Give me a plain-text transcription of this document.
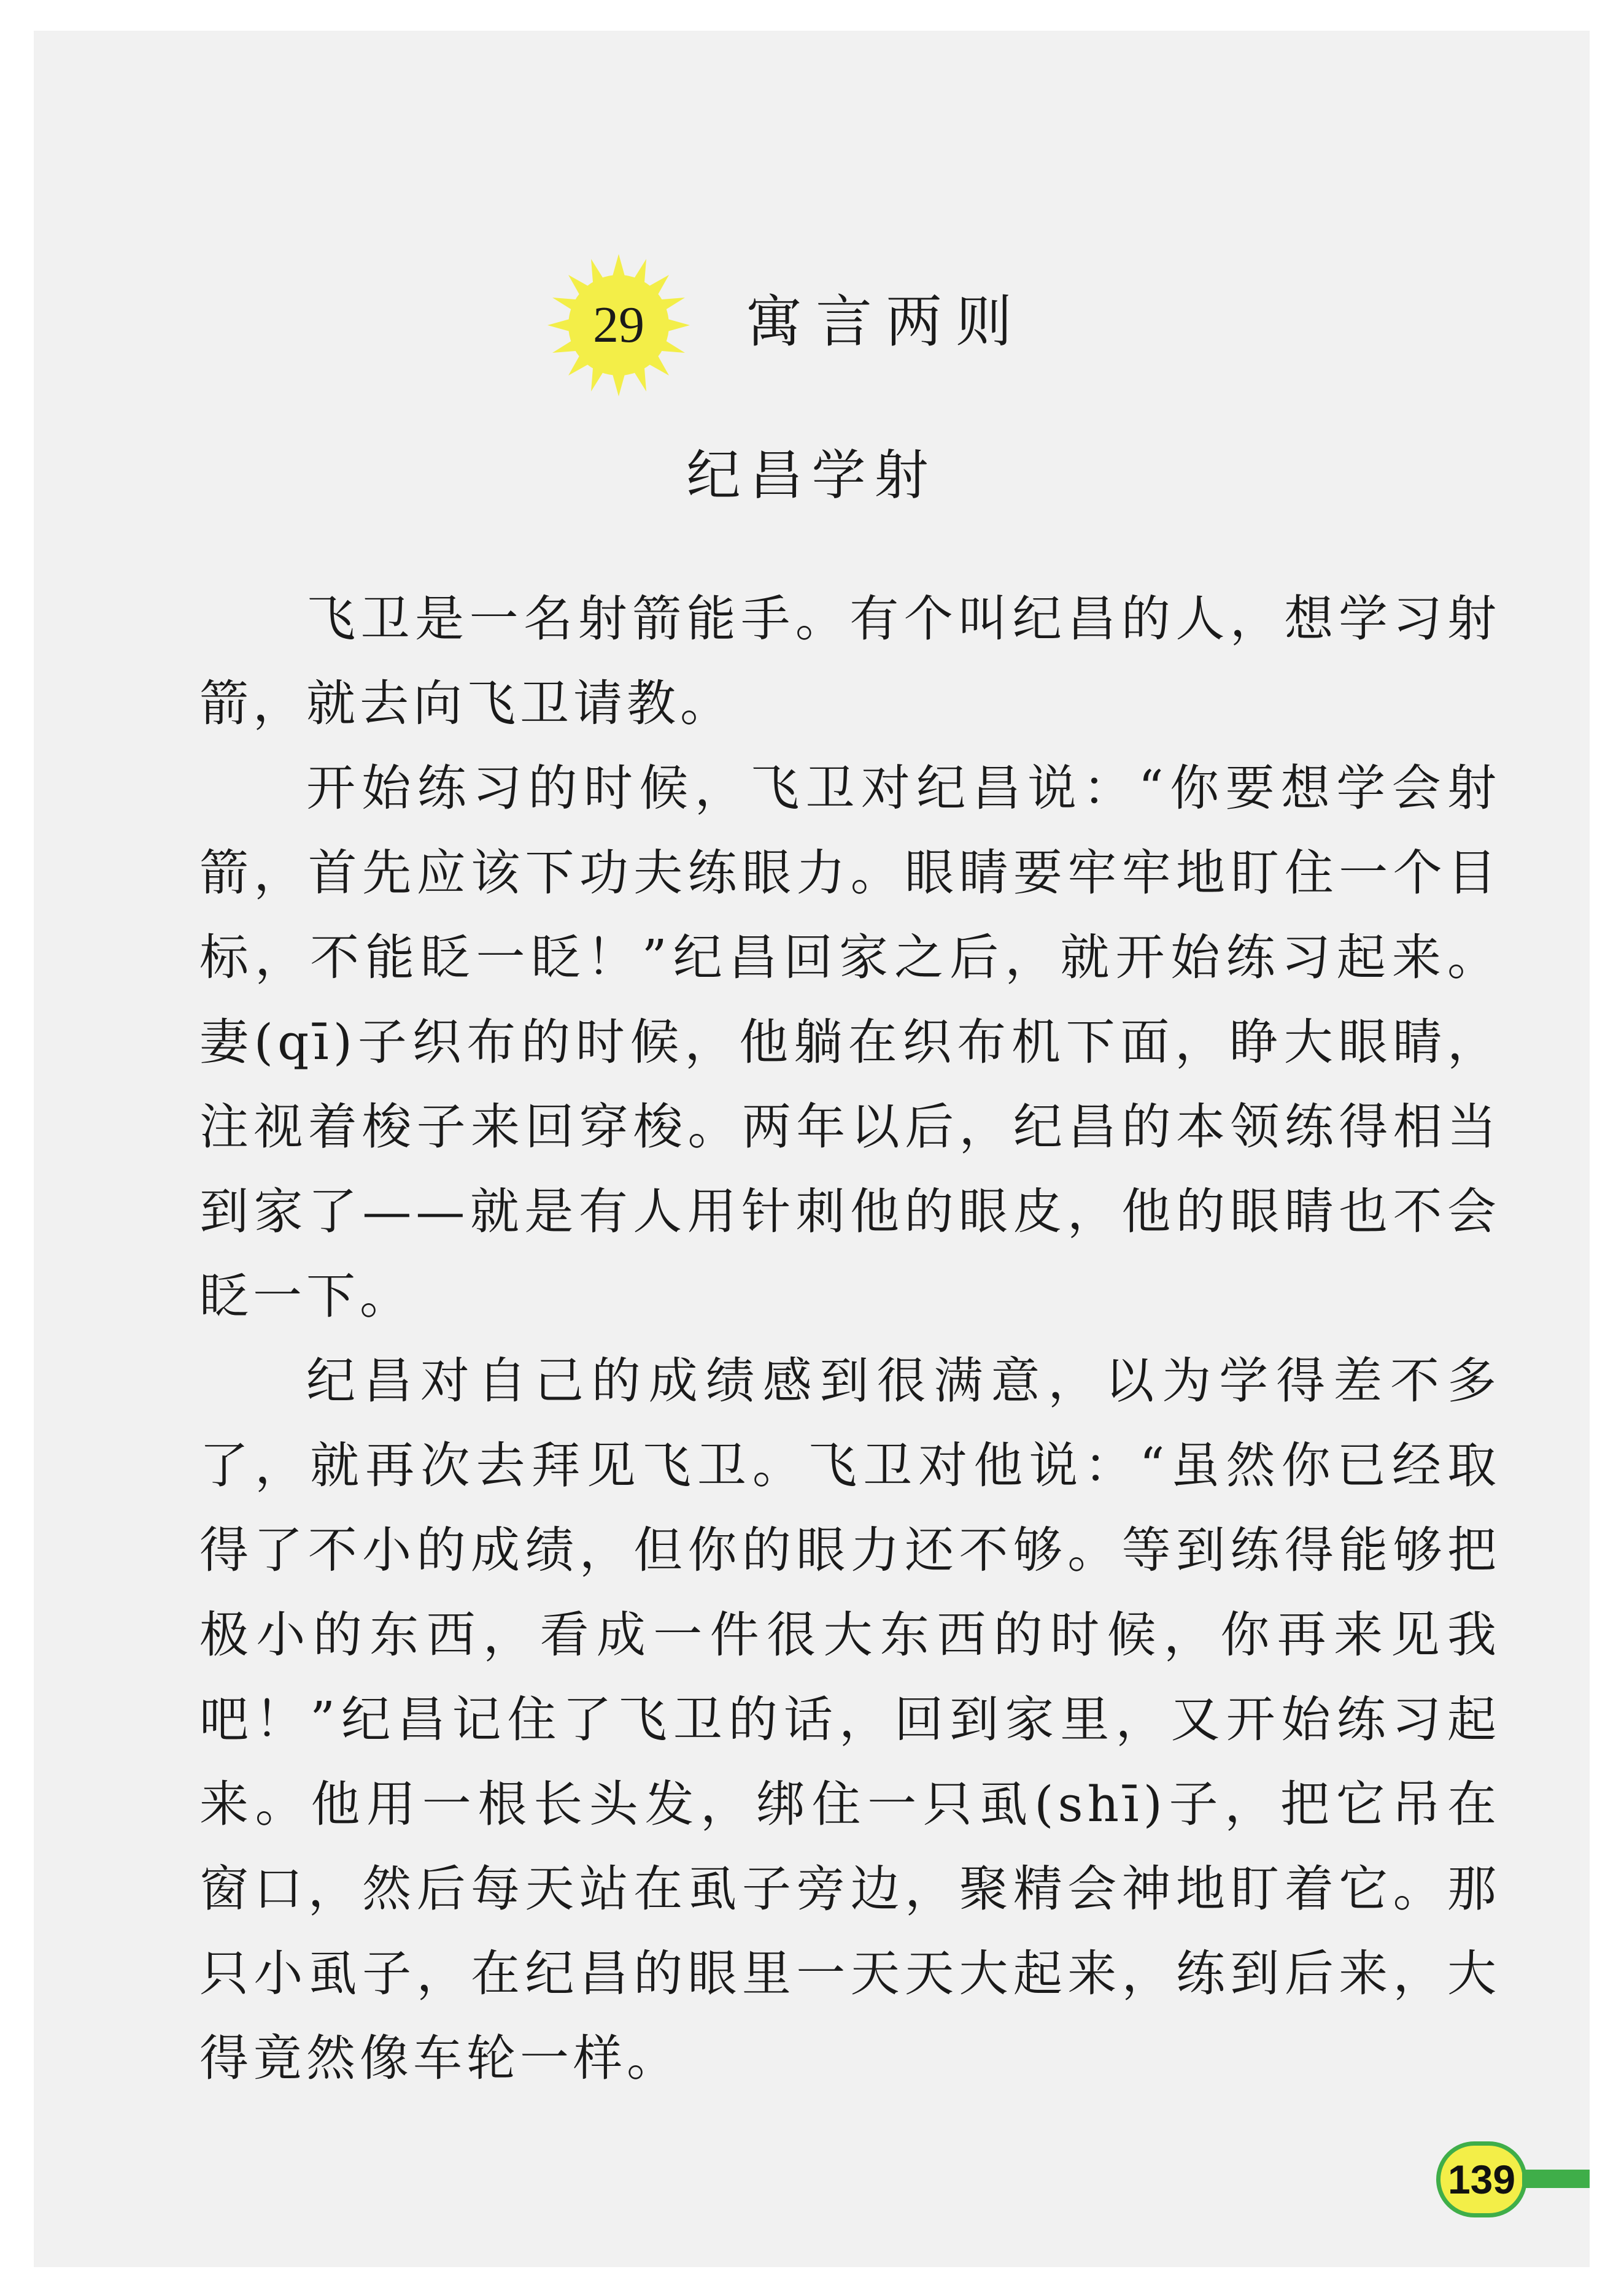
29	寓言两则
纪昌学射

飞卫是一名射箭能手。有个叫纪昌的人，想学习射箭，就去向飞卫请教。

开始练习的时候，飞卫对纪昌说：“你要想学会射箭，首先应该下功夫练眼力。眼睛要牢牢地盯住一个目标，不能眨一眨！”纪昌回家之后，就开始练习起来。妻(qī)子织布的时候，他躺在织布机下面，睁大眼睛，注视着梭子来回穿梭。两年以后，纪昌的本领练得相当到家了——就是有人用针刺他的眼皮，他的眼睛也不会眨一下。

纪昌对自己的成绩感到很满意，以为学得差不多了，就再次去拜见飞卫。飞卫对他说：“虽然你已经取得了不小的成绩，但你的眼力还不够。等到练得能够把极小的东西，看成一件很大东西的时候，你再来见我吧！”纪昌记住了飞卫的话，回到家里，又开始练习起来。他用一根长头发，绑住一只虱(shī)子，把它吊在窗口，然后每天站在虱子旁边，聚精会神地盯着它。那只小虱子，在纪昌的眼里一天天大起来，练到后来，大得竟然像车轮一样。

139
